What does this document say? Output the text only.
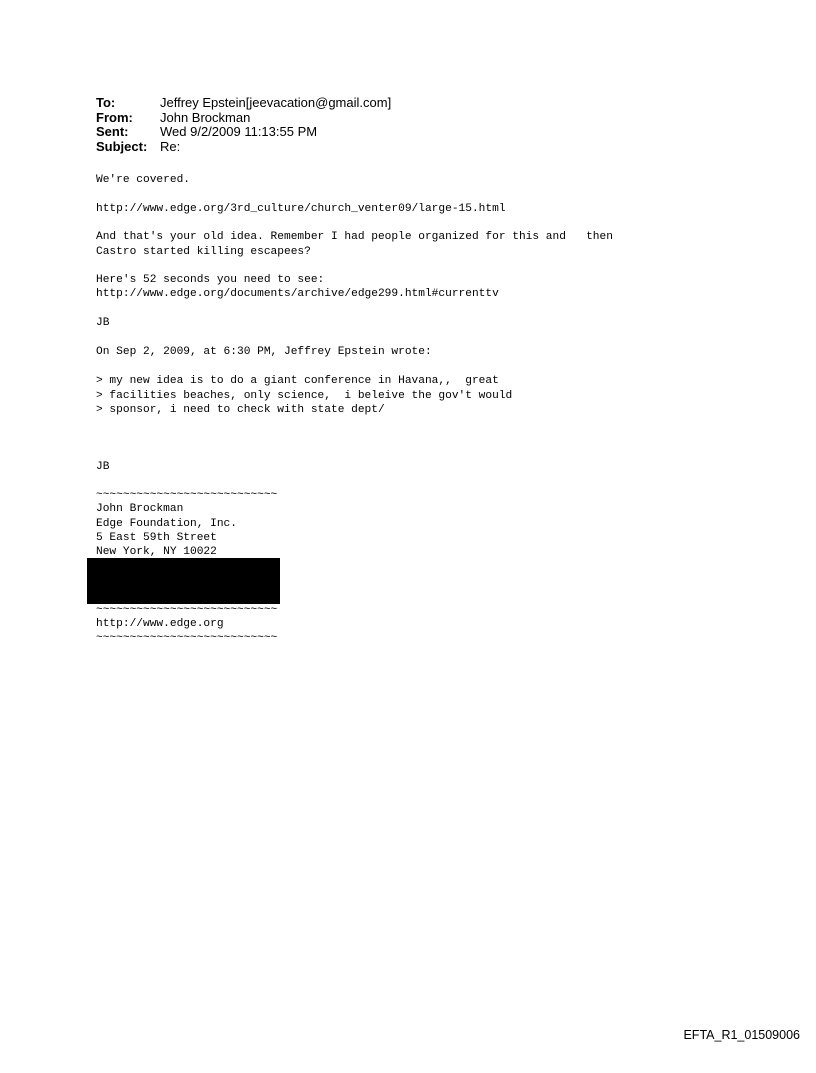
To:	Jeffrey Epstein[jeevacation@gmail.com]
From:	John Brockman
Sent:	Wed 9/2/2009 11:13:55 PM
Subject: Re:

We're covered.

http://www.edge.org/3rd_culture/church_venter09/large-15.html

And that's your old idea. Remember I had people organized for this and   then
Castro started killing escapees?

Here's 52 seconds you need to see:

http://www.edge.org/documents/archive/edge299.html#currenttv

JB

On Sep 2, 2009, at 6:30 PM, Jeffrey Epstein wrote:

> my new idea is to do a giant conference in Havana,,  great
> facilities beaches, only science,  i beleive the gov't would
> sponsor, i need to check with state dept/

JB

~~~~~~~~~~~~~~~~~~~~~~~~~~~

John Brockman

Edge Foundation, Inc.

5 East 59th Street

New York, NY 10022

~~~~~~~~~~~~~~~~~~~~~~~~~~~

http://www.edge.org

~~~~~~~~~~~~~~~~~~~~~~~~~~~

EFTA_R1_01509006
